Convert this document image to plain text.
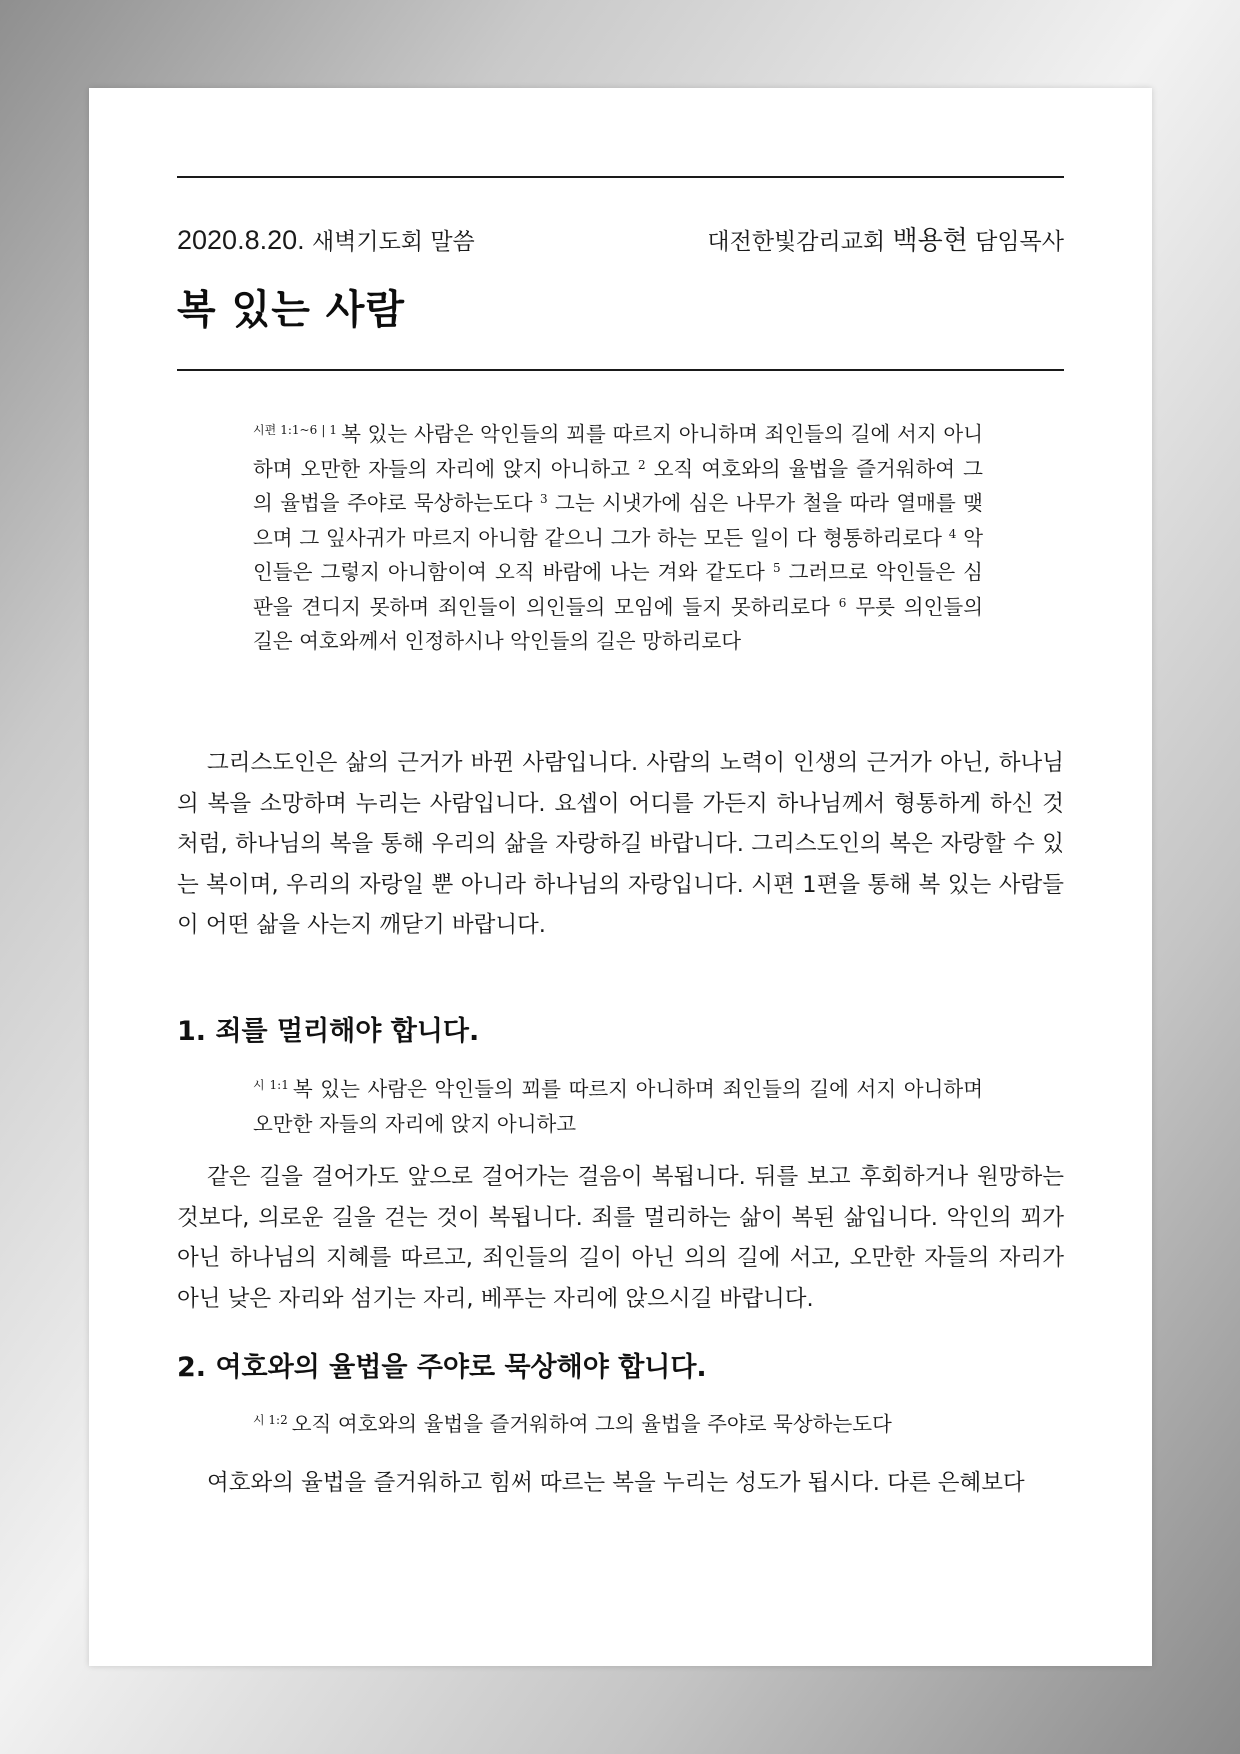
2020.8.20. 새벽기도회 말씀	대전한빛감리교회 백용현 담임목사
복 있는 사람
$^{시편 1:1\sim 6 | 1}$ 복 있는 사람은 악인들의 꾀를 따르지 아니하며 죄인들의 길에 서지 아니하며 오만한 자들의 자리에 앉지 아니하고 $^2$ 오직 여호와의 율법을 즐거워하여 그의 율법을 주야로 묵상하는도다 $^3$ 그는 시냇가에 심은 나무가 철을 따라 열매를 맺으며 그 잎사귀가 마르지 아니함 같으니 그가 하는 모든 일이 다 형통하리로다 $^4$ 악인들은 그렇지 아니함이여 오직 바람에 나는 겨와 같도다 $^5$ 그러므로 악인들은 심판을 견디지 못하며 죄인들이 의인들의 모임에 들지 못하리로다 $^6$ 무릇 의인들의 길은 여호와께서 인정하시나 악인들의 길은 망하리로다

그리스도인은 삶의 근거가 바뀐 사람입니다. 사람의 노력이 인생의 근거가 아닌, 하나님의 복을 소망하며 누리는 사람입니다. 요셉이 어디를 가든지 하나님께서 형통하게 하신 것처럼, 하나님의 복을 통해 우리의 삶을 자랑하길 바랍니다. 그리스도인의 복은 자랑할 수 있는 복이며, 우리의 자랑일 뿐 아니라 하나님의 자랑입니다. 시편 1편을 통해 복 있는 사람들이 어떤 삶을 사는지 깨닫기 바랍니다.

1. 죄를 멀리해야 합니다.
$^{시 1:1}$ 복 있는 사람은 악인들의 꾀를 따르지 아니하며 죄인들의 길에 서지 아니하며 오만한 자들의 자리에 앉지 아니하고

같은 길을 걸어가도 앞으로 걸어가는 걸음이 복됩니다. 뒤를 보고 후회하거나 원망하는 것보다, 의로운 길을 걷는 것이 복됩니다. 죄를 멀리하는 삶이 복된 삶입니다. 악인의 꾀가 아닌 하나님의 지혜를 따르고, 죄인들의 길이 아닌 의의 길에 서고, 오만한 자들의 자리가 아닌 낮은 자리와 섬기는 자리, 베푸는 자리에 앉으시길 바랍니다.

2. 여호와의 율법을 주야로 묵상해야 합니다.
$^{시 1:2}$ 오직 여호와의 율법을 즐거워하여 그의 율법을 주야로 묵상하는도다

여호와의 율법을 즐거워하고 힘써 따르는 복을 누리는 성도가 됩시다. 다른 은혜보다
